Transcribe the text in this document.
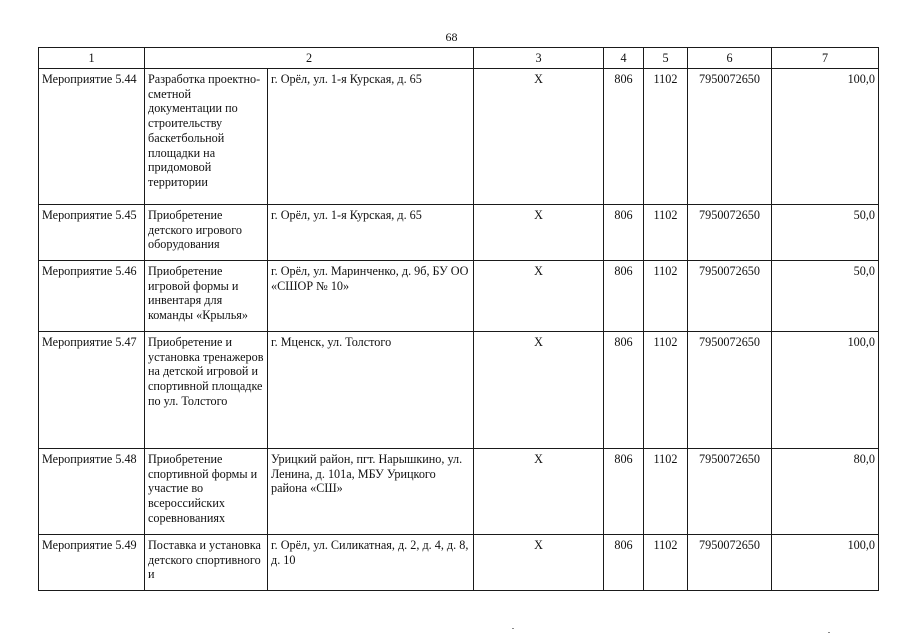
68
1	2		3	4	5	6	7
Мероприятие 5.44	Разработка проектно-сметной документации по строительству баскетбольной площадки на придомовой территории	г. Орёл, ул. 1-я Курская, д. 65	Х	806	1102	7950072650	100,0
Мероприятие 5.45	Приобретение детского игрового оборудования	г. Орёл, ул. 1-я Курская, д. 65	Х	806	1102	7950072650	50,0
Мероприятие 5.46	Приобретение игровой формы и инвентаря для команды «Крылья»	г. Орёл, ул. Маринченко, д. 9б, БУ ОО «СШОР № 10»	Х	806	1102	7950072650	50,0
Мероприятие 5.47	Приобретение и установка тренажеров на детской игровой и спортивной площадке по ул. Толстого	г. Мценск, ул. Толстого	Х	806	1102	7950072650	100,0
Мероприятие 5.48	Приобретение спортивной формы и участие во всероссийских соревнованиях	Урицкий район, пгт. Нарышкино, ул. Ленина, д. 101а, МБУ Урицкого района «СШ»	Х	806	1102	7950072650	80,0
Мероприятие 5.49	Поставка и установка детского спортивного и	г. Орёл, ул. Силикатная, д. 2, д. 4, д. 8, д. 10	Х	806	1102	7950072650	100,0
